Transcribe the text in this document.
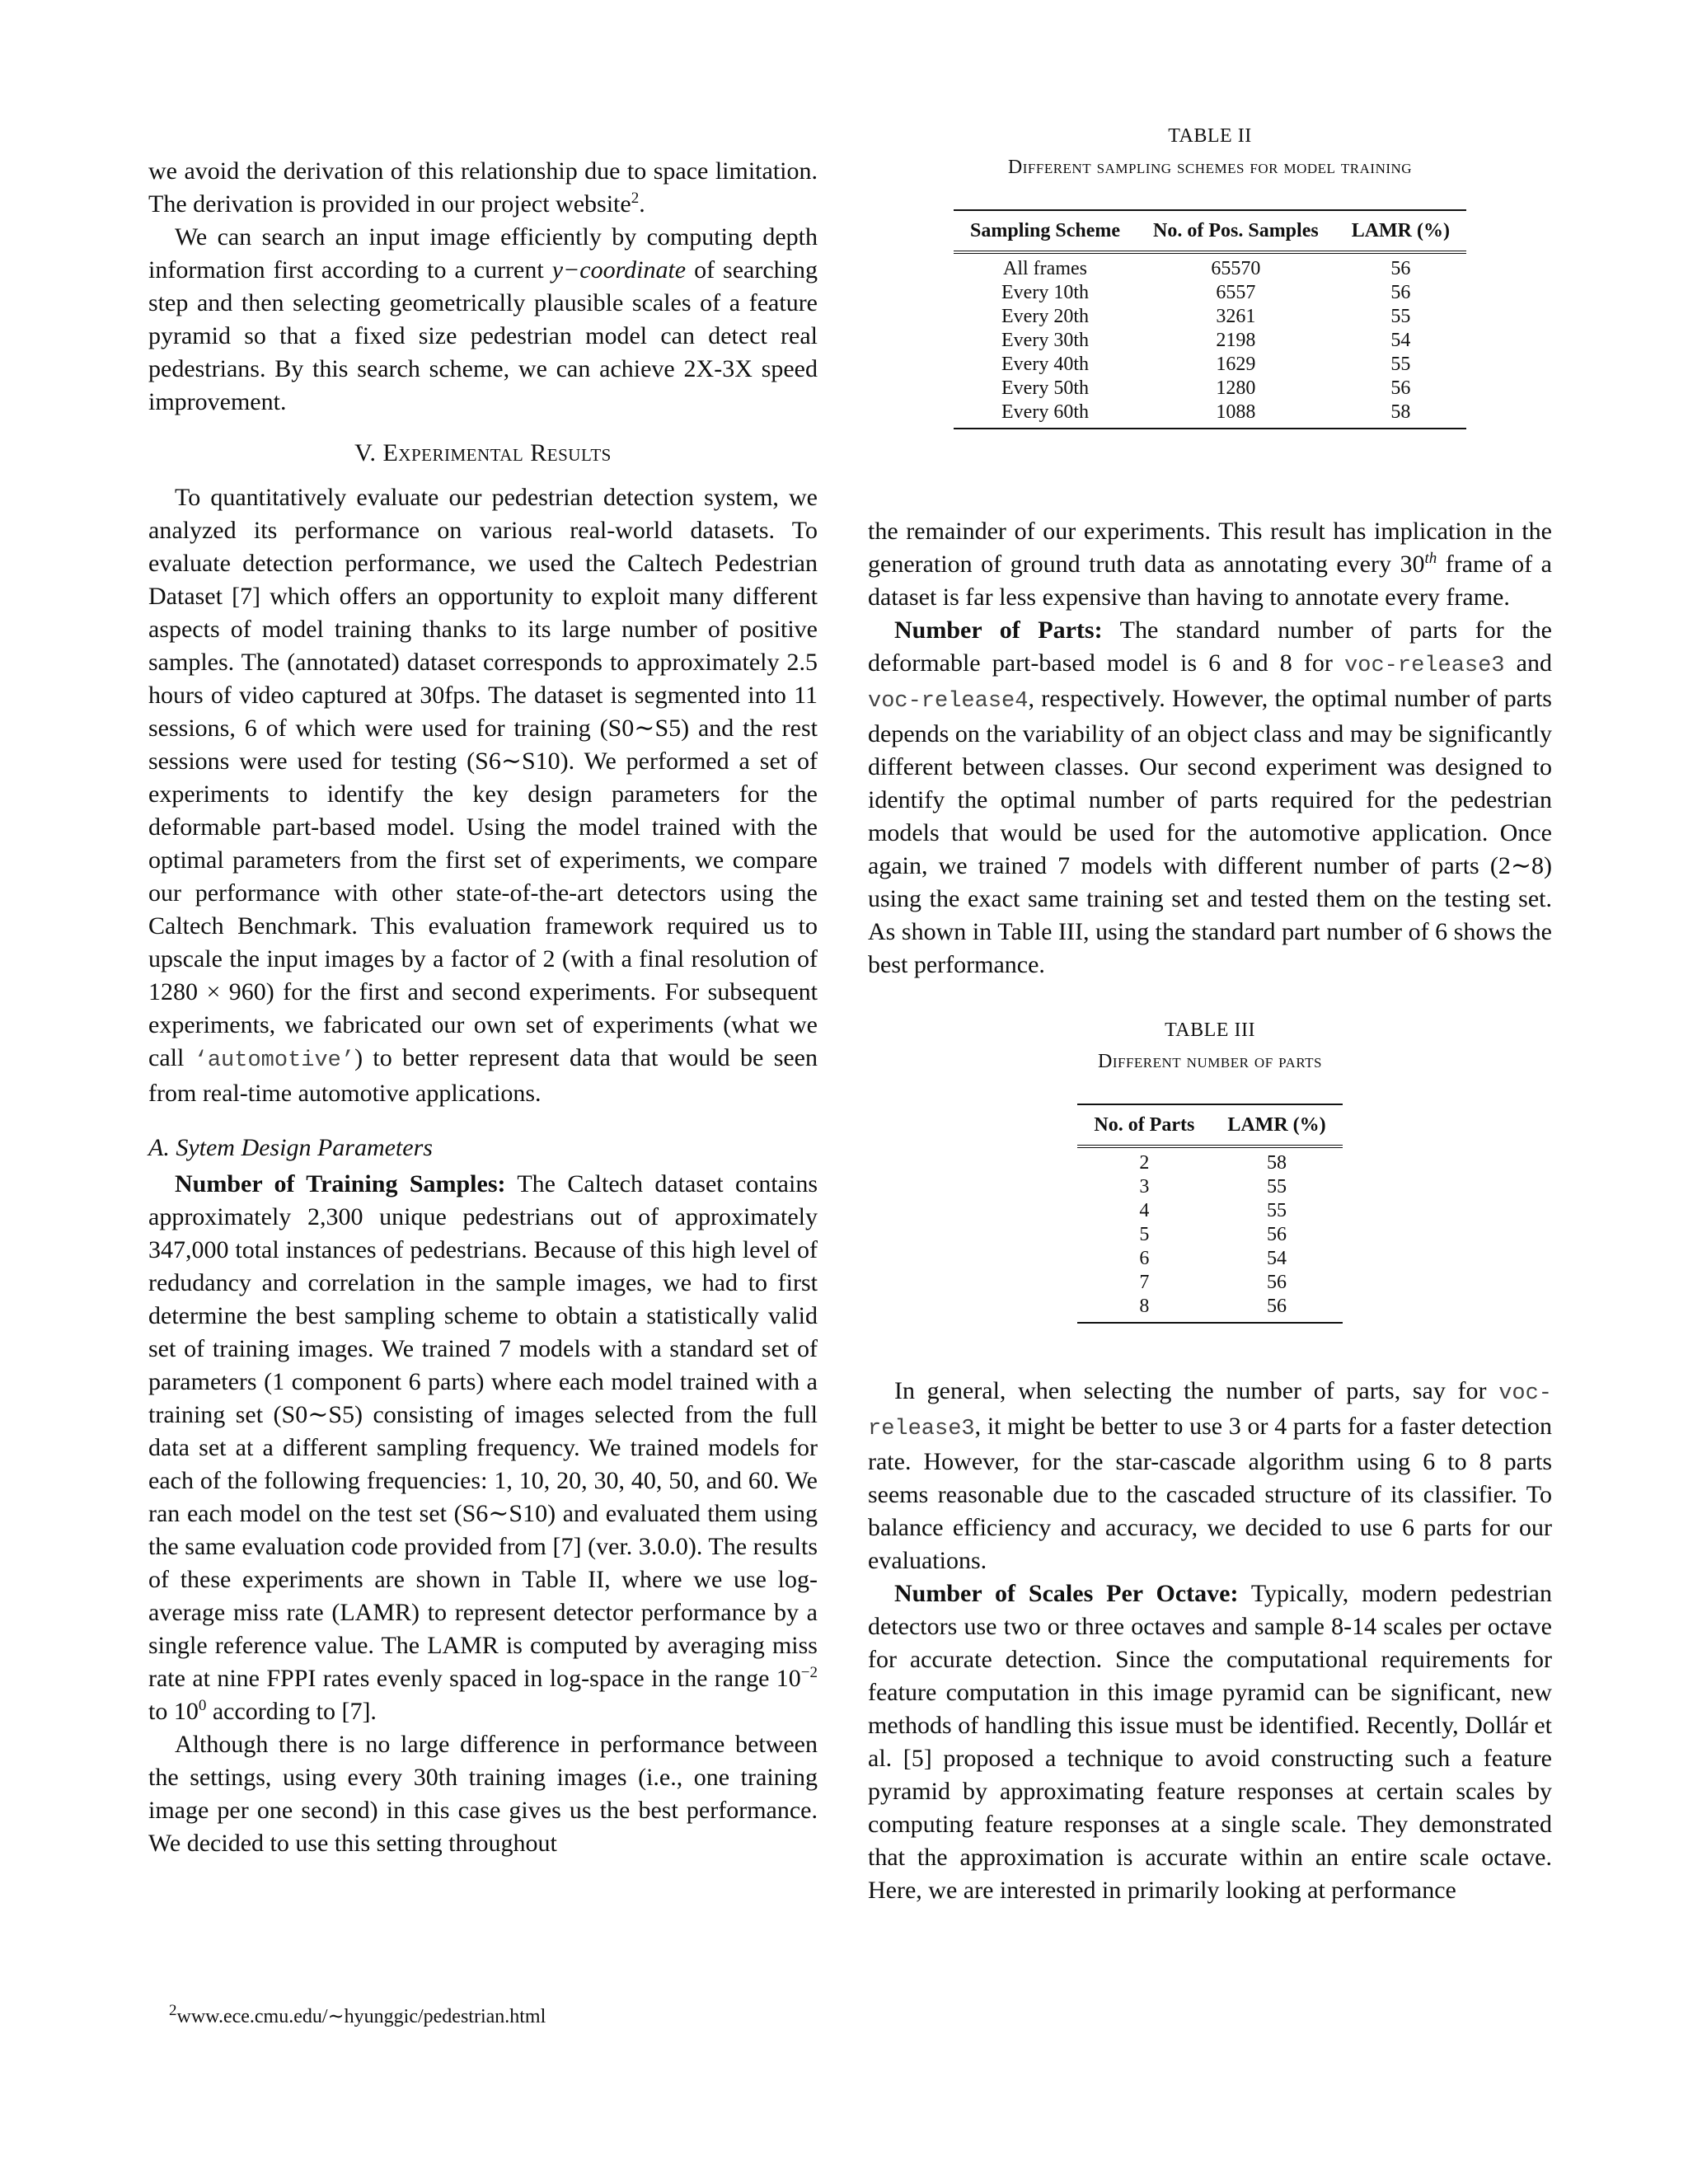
we avoid the derivation of this relationship due to space limitation. The derivation is provided in our project website$^2$.

We can search an input image efficiently by computing depth information first according to a current y−coordinate of searching step and then selecting geometrically plausible scales of a feature pyramid so that a fixed size pedestrian model can detect real pedestrians. By this search scheme, we can achieve 2X-3X speed improvement.

V. Experimental Results

To quantitatively evaluate our pedestrian detection system, we analyzed its performance on various real-world datasets. To evaluate detection performance, we used the Caltech Pedestrian Dataset [7] which offers an opportunity to exploit many different aspects of model training thanks to its large number of positive samples. The (annotated) dataset corresponds to approximately 2.5 hours of video captured at 30fps. The dataset is segmented into 11 sessions, 6 of which were used for training (S0∼S5) and the rest sessions were used for testing (S6∼S10). We performed a set of experiments to identify the key design parameters for the deformable part-based model. Using the model trained with the optimal parameters from the first set of experiments, we compare our performance with other state-of-the-art detectors using the Caltech Benchmark. This evaluation framework required us to upscale the input images by a factor of 2 (with a final resolution of 1280 × 960) for the first and second experiments. For subsequent experiments, we fabricated our own set of experiments (what we call ‘automotive’) to better represent data that would be seen from real-time automotive applications.

A. Sytem Design Parameters

Number of Training Samples: The Caltech dataset contains approximately 2,300 unique pedestrians out of approximately 347,000 total instances of pedestrians. Because of this high level of redudancy and correlation in the sample images, we had to first determine the best sampling scheme to obtain a statistically valid set of training images. We trained 7 models with a standard set of parameters (1 component 6 parts) where each model trained with a training set (S0∼S5) consisting of images selected from the full data set at a different sampling frequency. We trained models for each of the following frequencies: 1, 10, 20, 30, 40, 50, and 60. We ran each model on the test set (S6∼S10) and evaluated them using the same evaluation code provided from [7] (ver. 3.0.0). The results of these experiments are shown in Table II, where we use log-average miss rate (LAMR) to represent detector performance by a single reference value. The LAMR is computed by averaging miss rate at nine FPPI rates evenly spaced in log-space in the range $10^{-2}$ to $10^0$ according to [7].

Although there is no large difference in performance between the settings, using every 30th training images (i.e., one training image per one second) in this case gives us the best performance. We decided to use this setting throughout

$^2$www.ece.cmu.edu/∼hyunggic/pedestrian.html
TABLE II
Different sampling schemes for model training
Sampling Scheme	No. of Pos. Samples	LAMR (%)
All frames	65570	56
Every 10th	6557	56
Every 20th	3261	55
Every 30th	2198	54
Every 40th	1629	55
Every 50th	1280	56
Every 60th	1088	58

the remainder of our experiments. This result has implication in the generation of ground truth data as annotating every 30th frame of a dataset is far less expensive than having to annotate every frame.

Number of Parts: The standard number of parts for the deformable part-based model is 6 and 8 for voc-release3 and voc-release4, respectively. However, the optimal number of parts depends on the variability of an object class and may be significantly different between classes. Our second experiment was designed to identify the optimal number of parts required for the pedestrian models that would be used for the automotive application. Once again, we trained 7 models with different number of parts (2∼8) using the exact same training set and tested them on the testing set. As shown in Table III, using the standard part number of 6 shows the best performance.

TABLE III
Different number of parts
No. of Parts	LAMR (%)
2	58
3	55
4	55
5	56
6	54
7	56
8	56

In general, when selecting the number of parts, say for voc-release3, it might be better to use 3 or 4 parts for a faster detection rate. However, for the star-cascade algorithm using 6 to 8 parts seems reasonable due to the cascaded structure of its classifier. To balance efficiency and accuracy, we decided to use 6 parts for our evaluations.

Number of Scales Per Octave: Typically, modern pedestrian detectors use two or three octaves and sample 8-14 scales per octave for accurate detection. Since the computational requirements for feature computation in this image pyramid can be significant, new methods of handling this issue must be identified. Recently, Dollár et al. [5] proposed a technique to avoid constructing such a feature pyramid by approximating feature responses at certain scales by computing feature responses at a single scale. They demonstrated that the approximation is accurate within an entire scale octave. Here, we are interested in primarily looking at performance
